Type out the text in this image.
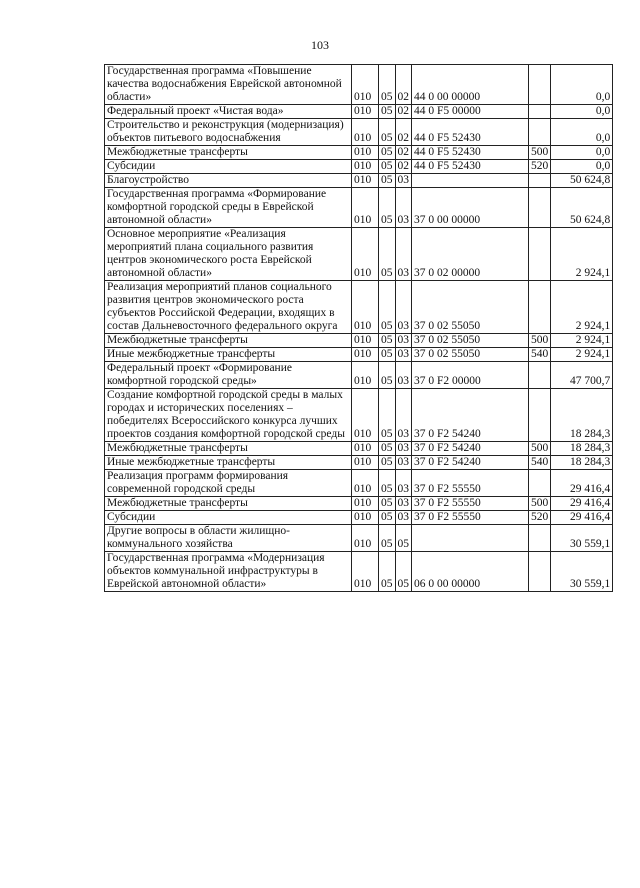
103
Государственная программа «Повышение качества водоснабжения Еврейской автономной области»	010	05	02	44 0 00 00000		0,0
Федеральный проект «Чистая вода»	010	05	02	44 0 F5 00000		0,0
Строительство и реконструкция (модернизация) объектов питьевого водоснабжения	010	05	02	44 0 F5 52430		0,0
Межбюджетные трансферты	010	05	02	44 0 F5 52430	500	0,0
Субсидии	010	05	02	44 0 F5 52430	520	0,0
Благоустройство	010	05	03			50 624,8
Государственная программа «Формирование комфортной городской среды в Еврейской автономной области»	010	05	03	37 0 00 00000		50 624,8
Основное мероприятие «Реализация мероприятий плана социального развития центров экономического роста Еврейской автономной области»	010	05	03	37 0 02 00000		2 924,1
Реализация мероприятий планов социального развития центров экономического роста субъектов Российской Федерации, входящих в состав Дальневосточного федерального округа	010	05	03	37 0 02 55050		2 924,1
Межбюджетные трансферты	010	05	03	37 0 02 55050	500	2 924,1
Иные межбюджетные трансферты	010	05	03	37 0 02 55050	540	2 924,1
Федеральный проект «Формирование комфортной городской среды»	010	05	03	37 0 F2 00000		47 700,7
Создание комфортной городской среды в малых городах и исторических поселениях – победителях Всероссийского конкурса лучших проектов создания комфортной городской среды	010	05	03	37 0 F2 54240		18 284,3
Межбюджетные трансферты	010	05	03	37 0 F2 54240	500	18 284,3
Иные межбюджетные трансферты	010	05	03	37 0 F2 54240	540	18 284,3
Реализация программ формирования современной городской среды	010	05	03	37 0 F2 55550		29 416,4
Межбюджетные трансферты	010	05	03	37 0 F2 55550	500	29 416,4
Субсидии	010	05	03	37 0 F2 55550	520	29 416,4
Другие вопросы в области жилищно-коммунального хозяйства	010	05	05			30 559,1
Государственная программа «Модернизация объектов коммунальной инфраструктуры в Еврейской автономной области»	010	05	05	06 0 00 00000		30 559,1
